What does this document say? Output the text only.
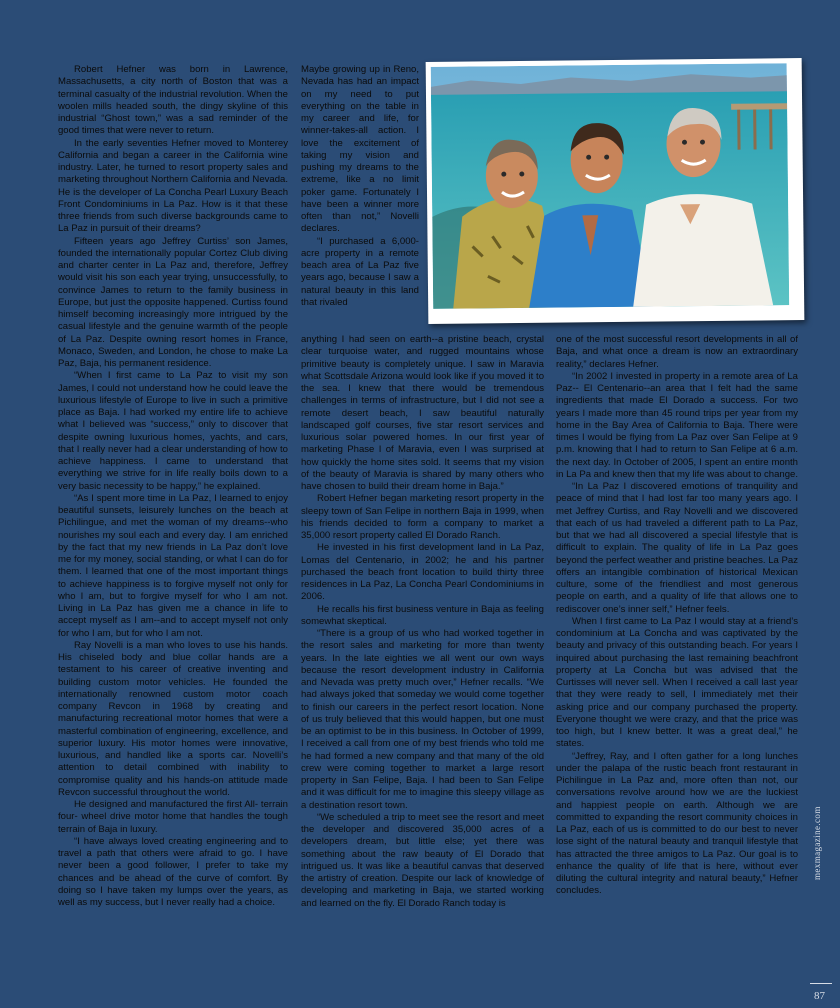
Robert Hefner was born in Lawrence, Massachusetts, a city north of Boston that was a terminal casualty of the industrial revolution. When the woolen mills headed south, the dingy skyline of this industrial “Ghost town,” was a sad reminder of the good times that were never to return.

In the early seventies Hefner moved to Monterey California and began a career in the California wine industry. Later, he turned to resort property sales and marketing throughout Northern California and Nevada. He is the developer of La Concha Pearl Luxury Beach Front Condominiums in La Paz. How is it that these three friends from such diverse backgrounds came to La Paz in pursuit of their dreams?

Fifteen years ago Jeffrey Curtiss’ son James, founded the internationally popular Cortez Club diving and charter center in La Paz and, therefore, Jeffrey would visit his son each year trying, unsuccessfully, to convince James to return to the family business in Europe, but just the opposite happened. Curtiss found himself becoming increasingly more intrigued by the casual lifestyle and the genuine warmth of the people of La Paz. Despite owning resort homes in France, Monaco, Sweden, and London, he chose to make La Paz, Baja, his permanent residence.

“When I first came to La Paz to visit my son James, I could not understand how he could leave the luxurious lifestyle of Europe to live in such a primitive place as Baja. I had worked my entire life to achieve what I believed was “success,” only to discover that despite owning luxurious homes, yachts, and cars, that I really never had a clear understanding of how to achieve happiness. I came to understand that everything we strive for in life really boils down to a very basic necessity to be happy,” he explained.

“As I spent more time in La Paz, I learned to enjoy beautiful sunsets, leisurely lunches on the beach at Pichilingue, and met the woman of my dreams--who nourishes my soul each and every day. I am enriched by the fact that my new friends in La Paz don’t love me for my money, social standing, or what I can do for them. I learned that one of the most important things to achieve happiness is to forgive myself not only for who I am, but to forgive myself for who I am not. Living in La Paz has given me a chance in life to accept myself as I am--and to accept myself not only for who I am, but for who I am not.

Ray Novelli is a man who loves to use his hands. His chiseled body and blue collar hands are a testament to his career of creative inventing and building custom motor vehicles. He founded the internationally renowned custom motor coach company Revcon in 1968 by creating and manufacturing recreational motor homes that were a masterful combination of engineering, excellence, and superior luxury. His motor homes were innovative, luxurious, and handled like a sports car. Novelli’s attention to detail combined with inability to compromise quality and his hands-on attitude made Revcon successful throughout the world.

He designed and manufactured the first All- terrain four- wheel drive motor home that handles the tough terrain of Baja in luxury.

“I have always loved creating engineering and to travel a path that others were afraid to go. I have never been a good follower, I prefer to take my chances and be ahead of the curve of comfort. By doing so I have taken my lumps over the years, as well as my success, but I never really had a choice.

Maybe growing up in Reno, Nevada has had an impact on my need to put everything on the table in my career and life, for winner-takes-all action. I love the excitement of taking my vision and pushing my dreams to the extreme, like a no limit poker game. Fortunately I have been a winner more often than not,” Novelli declares.

“I purchased a 6,000-acre property in a remote beach area of La Paz five years ago, because I saw a natural beauty in this land that rivaled

anything I had seen on earth--a pristine beach, crystal clear turquoise water, and rugged mountains whose primitive beauty is completely unique. I saw in Maravia what Scottsdale Arizona would look like if you moved it to the sea. I knew that there would be tremendous challenges in terms of infrastructure, but I did not see a remote desert beach, I saw beautiful naturally landscaped golf courses, five star resort services and luxurious solar powered homes. In our first year of marketing Phase I of Maravia, even I was surprised at how quickly the home sites sold. It seems that my vision of the beauty of Maravia is shared by many others who have chosen to build their dream home in Baja.”

Robert Hefner began marketing resort property in the sleepy town of San Felipe in northern Baja in 1999, when his friends decided to form a company to market a 35,000 resort property called El Dorado Ranch.

He invested in his first development land in La Paz, Lomas del Centenario, in 2002; he and his partner purchased the beach front location to build thirty three residences in La Paz, La Concha Pearl Condominiums in 2006.

He recalls his first business venture in Baja as feeling somewhat skeptical.

“There is a group of us who had worked together in the resort sales and marketing for more than twenty years. In the late eighties we all went our own ways because the resort development industry in California and Nevada was pretty much over,” Hefner recalls. “We had always joked that someday we would come together to finish our careers in the perfect resort location. None of us truly believed that this would happen, but one must be an optimist to be in this business. In October of 1999, I received a call from one of my best friends who told me he had formed a new company and that many of the old crew were coming together to market a large resort property in San Felipe, Baja. I had been to San Felipe and it was difficult for me to imagine this sleepy village as a destination resort town.

“We scheduled a trip to meet see the resort and meet the developer and discovered 35,000 acres of a developers dream, but little else; yet there was something about the raw beauty of El Dorado that intrigued us. It was like a beautiful canvas that deserved the artistry of creation. Despite our lack of knowledge of developing and marketing in Baja, we started working and learned on the fly. El Dorado Ranch today is

one of the most successful resort developments in all of Baja, and what once a dream is now an extraordinary reality,” declares Hefner.

“In 2002 I invested in property in a remote area of La Paz-- El Centenario--an area that I felt had the same ingredients that made El Dorado a success. For two years I made more than 45 round trips per year from my home in the Bay Area of California to Baja. There were times I would be flying from La Paz over San Felipe at 9 p.m. knowing that I had to return to San Felipe at 6 a.m. the next day. In October of 2005, I spent an entire month in La Pa and knew then that my life was about to change.

“In La Paz I discovered emotions of tranquility and peace of mind that I had lost far too many years ago. I met Jeffrey Curtiss, and Ray Novelli and we discovered that each of us had traveled a different path to La Paz, but that we had all discovered a special lifestyle that is difficult to explain. The quality of life in La Paz goes beyond the perfect weather and pristine beaches. La Paz offers an intangible combination of historical Mexican culture, some of the friendliest and most generous people on earth, and a quality of life that allows one to rediscover one’s inner self,” Hefner feels.

When I first came to La Paz I would stay at a friend’s condominium at La Concha and was captivated by the beauty and privacy of this outstanding beach. For years I inquired about purchasing the last remaining beachfront property at La Concha but was advised that the Curtisses will never sell. When I received a call last year that they were ready to sell, I immediately met their asking price and our company purchased the property. Everyone thought we were crazy, and that the price was too high, but I knew better. It was a great deal,” he states.

“Jeffrey, Ray, and I often gather for a long lunches under the palapa of the rustic beach front restaurant in Pichilingue in La Paz and, more often than not, our conversations revolve around how we are the luckiest and happiest people on earth. Although we are committed to expanding the resort community choices in La Paz, each of us is committed to do our best to never lose sight of the natural beauty and tranquil lifestyle that has attracted the three amigos to La Paz. Our goal is to enhance the quality of life that is here, without ever diluting the cultural integrity and natural beauty,” Hefner concludes.

mexmagazine.com
87
